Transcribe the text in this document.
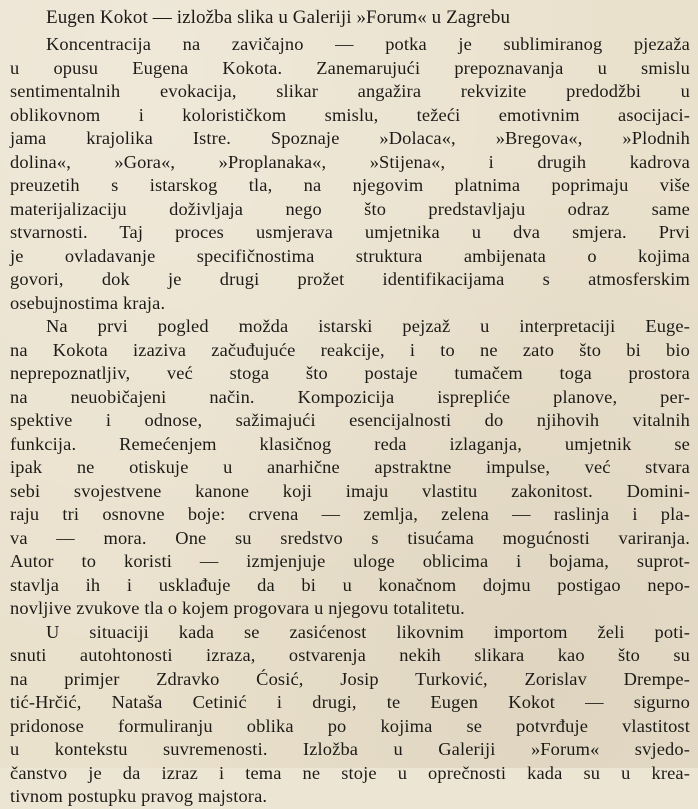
Eugen Kokot — izložba slika u Galeriji »Forum« u Zagrebu
Koncentracija na zavičajno — potka je sublimiranog pjezaža
u opusu Eugena Kokota. Zanemarujući prepoznavanja u smislu
sentimentalnih evokacija, slikar angažira rekvizite predodžbi u
oblikovnom i kolorističkom smislu, težeći emotivnim asocijaci-
jama krajolika Istre. Spoznaje »Dolaca«, »Bregova«, »Plodnih
dolina«, »Gora«, »Proplanaka«, »Stijena«, i drugih kadrova
preuzetih s istarskog tla, na njegovim platnima poprimaju više
materijalizaciju doživljaja nego što predstavljaju odraz same
stvarnosti. Taj proces usmjerava umjetnika u dva smjera. Prvi
je ovladavanje specifičnostima struktura ambijenata o kojima
govori, dok je drugi prožet identifikacijama s atmosferskim
osebujnostima kraja.
Na prvi pogled možda istarski pejzaž u interpretaciji Euge-
na Kokota izaziva začuđujuće reakcije, i to ne zato što bi bio
neprepoznatljiv, već stoga što postaje tumačem toga prostora
na neuobičajeni način. Kompozicija isprepliće planove, per-
spektive i odnose, sažimajući esencijalnosti do njihovih vitalnih
funkcija. Remećenjem klasičnog reda izlaganja, umjetnik se
ipak ne otiskuje u anarhične apstraktne impulse, već stvara
sebi svojestvene kanone koji imaju vlastitu zakonitost. Domini-
raju tri osnovne boje: crvena — zemlja, zelena — raslinja i pla-
va — mora. One su sredstvo s tisućama mogućnosti variranja.
Autor to koristi — izmjenjuje uloge oblicima i bojama, suprot-
stavlja ih i usklađuje da bi u konačnom dojmu postigao nepo-
novljive zvukove tla o kojem progovara u njegovu totalitetu.
U situaciji kada se zasićenost likovnim importom želi poti-
snuti autohtonosti izraza, ostvarenja nekih slikara kao što su
na primjer Zdravko Ćosić, Josip Turković, Zorislav Drempe-
tić-Hrčić, Nataša Cetinić i drugi, te Eugen Kokot — sigurno
pridonose formuliranju oblika po kojima se potvrđuje vlastitost
u kontekstu suvremenosti. Izložba u Galeriji »Forum« svjedo-
čanstvo je da izraz i tema ne stoje u oprečnosti kada su u krea-
tivnom postupku pravog majstora.
